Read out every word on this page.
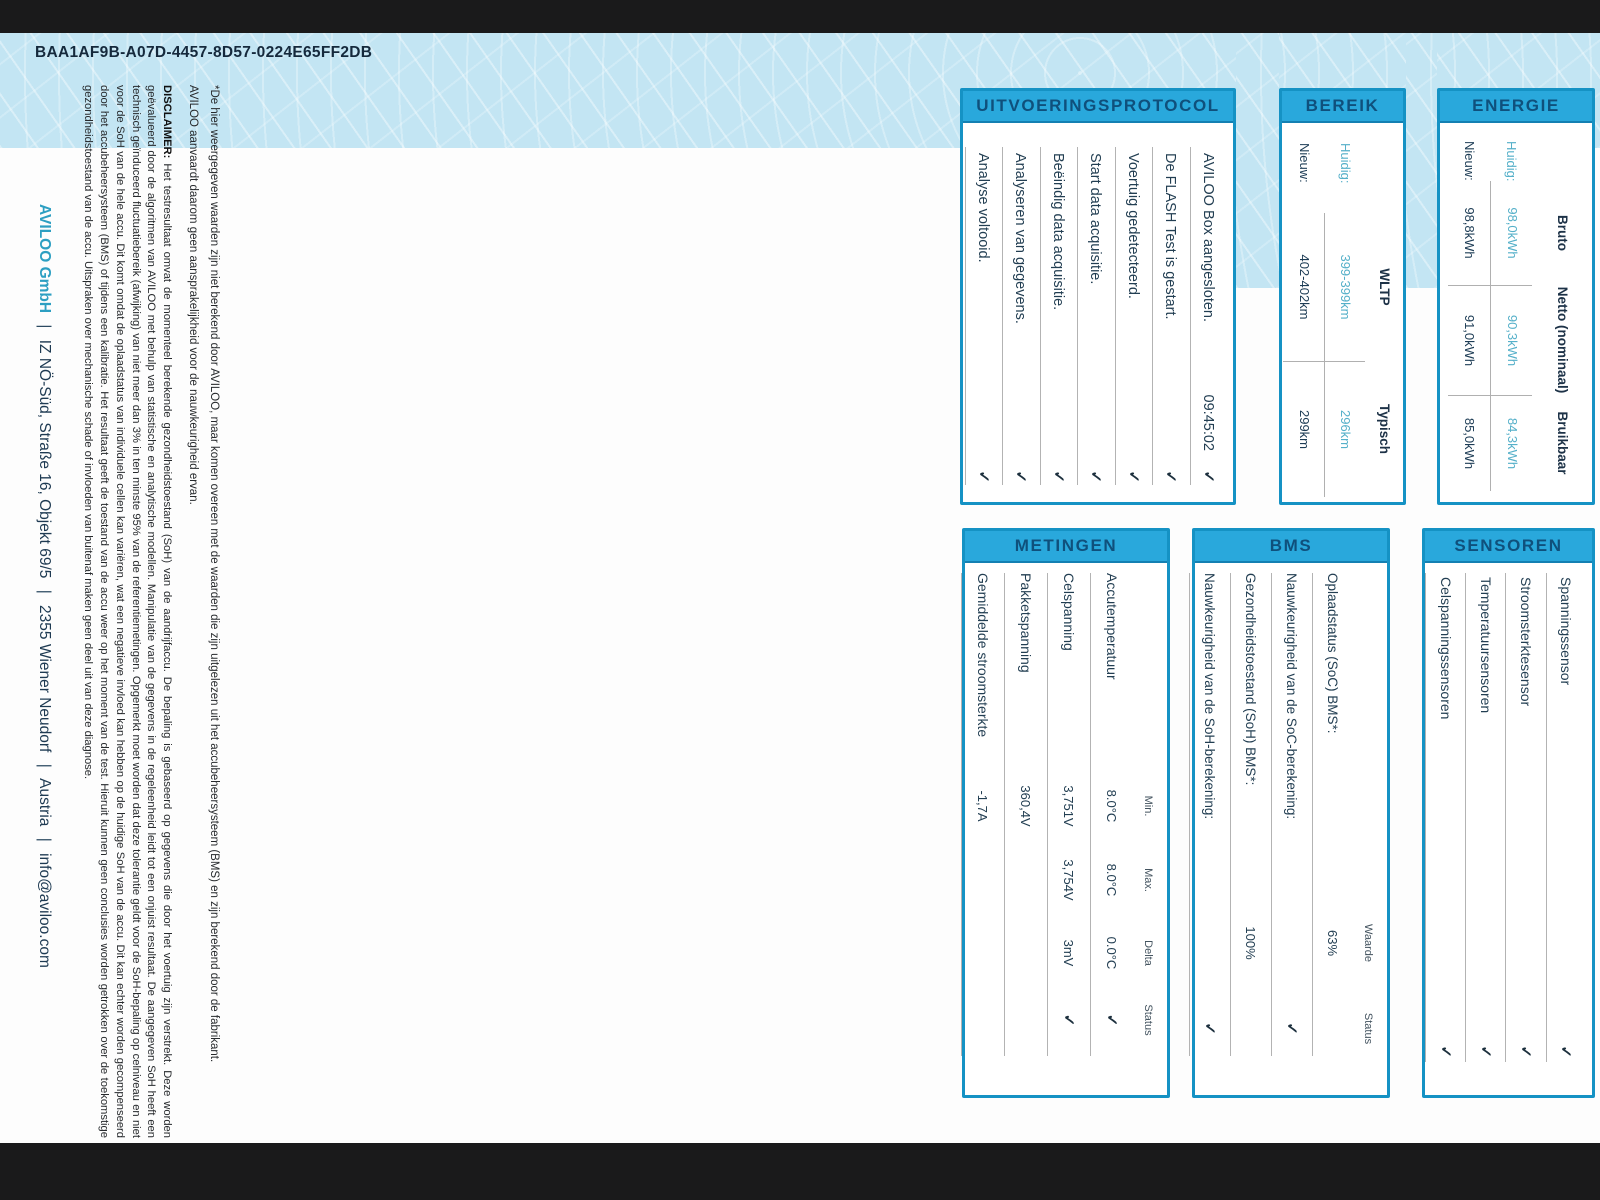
BAA1AF9B-A07D-4457-8D57-0224E65FF2DB
AVILOO GmbH | IZ NÖ-Süd, Straße 16, Objekt 69/5 | 2355 Wiener Neudorf | Austria | info@aviloo.com
DISCLAIMER: Het testresultaat omvat de momenteel berekende gezondheidstoestand (SoH) van de aandrijfaccu. De bepaling is gebaseerd op gegevens die door het voertuig zijn verstrekt. Deze worden geëvalueerd door de algoritmen van AVILOO met behulp van statistische en analytische modellen. Manipulatie van de gegevens in de regeleenheid leidt tot een onjuist resultaat. De aangegeven SoH heeft een technisch geïnduceerd fluctuatiebereik (afwijking) van niet meer dan 3% in ten minste 95% van de referentiemetingen. Opgemerkt moet worden dat deze tolerantie geldt voor de SoH-bepaling op celniveau en niet voor de SoH van de hele accu. Dit komt omdat de oplaadstatus van individuele cellen kan variëren, wat een negatieve invloed kan hebben op de huidige SoH van de accu. Dit kan echter worden gecompenseerd door het accubeheersysteem (BMS) of tijdens een kalibratie. Het resultaat geeft de toestand van de accu weer op het moment van de test. Hieruit kunnen geen conclusies worden getrokken over de toekomstige gezondheidstoestand van de accu. Uitspraken over mechanische schade of invloeden van buitenaf maken geen deel uit van deze diagnose.	*De hier weergegeven waarden zijn niet berekend door AVILOO, maar komen overeen met de waarden die zijn uitgelezen uit het accubeheersysteem (BMS) en zijn berekend door de fabrikant. AVILOO aanvaardt daarom geen aansprakelijkheid voor de nauwkeurigheid ervan.	UITVOERINGSPROTOCOL
AVILOO Box aangesloten.
09:45:02
✓
De FLASH Test is gestart.
✓
Voertuig gedetecteerd.
✓
Start data acquisitie.
✓
Beëindig data acquisitie.
✓
Analyseren van gegevens.
✓
Analyse voltooid.
✓
BEREIK
WLTP
Typisch
Huidig:
399-399km
296km
Nieuw:
402-402km
299km
ENERGIE
Bruto
Netto (nominaal)
Bruikbaar
Huidig:
98,0kWh
90,3kWh
84,3kWh
Nieuw:
98,8kWh
91,0kWh
85,0kWh
METINGEN
Min.
Max.
Delta
Status
Accutemperatuur
8.0°C
8.0°C
0.0°C
✓
Celspanning
3,751V
3,754V
3mV
✓
Pakketspanning
360,4V
Gemiddelde stroomsterkte
-1,7A
BMS
Waarde
Status
Oplaadstatus (SoC) BMS*:
63%
Nauwkeurigheid van de SoC-berekening:
✓
Gezondheidstoestand (SoH) BMS*:
100%
Nauwkeurigheid van de SoH-berekening:
✓
SENSOREN
Spanningssensor
✓
Stroomsterktesensor
✓
Temperatuursensoren
✓
Celspanningssensoren
✓
